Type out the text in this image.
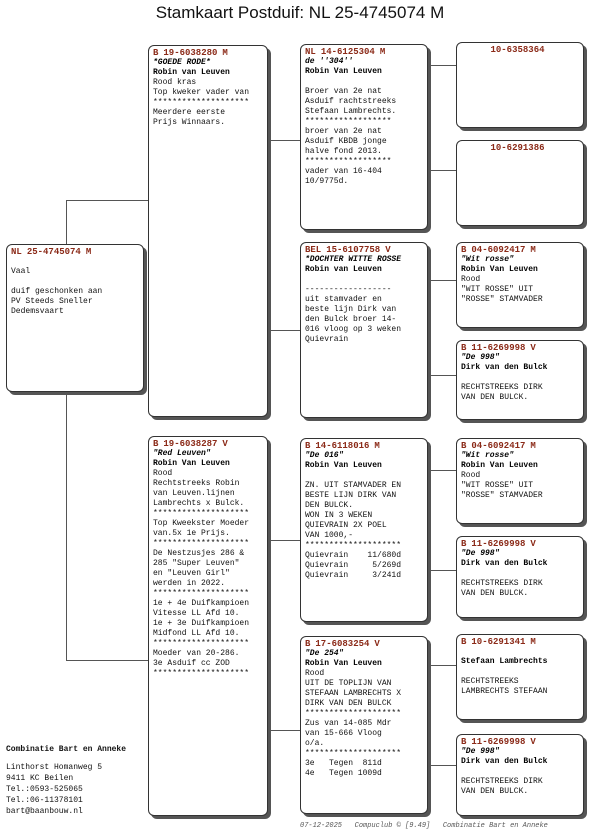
Stamkaart Postduif: NL 25-4745074 M
NL 25-4745074 M

Vaal

duif geschonken aan
PV Steeds Sneller
Dedemsvaart
B 19-6038280 M
*GOEDE RODE*
Robin van Leuven
Rood kras
Top kweker vader van
********************
Meerdere eerste
Prijs Winnaars.
B 19-6038287 V
"Red Leuven"
Robin Van Leuven
Rood
Rechtstreeks Robin
van Leuven.lijnen
Lambrechts x Bulck.
********************
Top Kweekster Moeder
van.5x 1e Prijs.
********************
De Nestzusjes 286 &
285 "Super Leuven"
en "Leuven Girl"
werden in 2022.
********************
1e + 4e Duifkampioen
Vitesse LL Afd 10.
1e + 3e Duifkampioen
Midfond LL Afd 10.
********************
Moeder van 20-286.
3e Asduif cc ZOD
********************
NL 14-6125304 M
de ''304''
Robin Van Leuven

Broer van 2e nat
Asduif rachtstreeks
Stefaan Lambrechts.
******************
broer van 2e nat
Asduif KBDB jonge
halve fond 2013.
******************
vader van 16-404
10/9775d.
BEL 15-6107758 V
*DOCHTER WITTE ROSSE
Robin van Leuven

------------------
uit stamvader en
beste lijn Dirk van
den Bulck broer 14-
016 vloog op 3 weken
Quievrain
B 14-6118016 M
"De 016"
Robin Van Leuven

ZN. UIT STAMVADER EN
BESTE LIJN DIRK VAN
DEN BULCK.
WON IN 3 WEKEN
QUIEVRAIN 2X POEL
VAN 1000,-
********************
Quievrain    11/680d
Quievrain     5/269d
Quievrain     3/241d
B 17-6083254 V
"De 254"
Robin Van Leuven
Rood
UIT DE TOPLIJN VAN
STEFAAN LAMBRECHTS X
DIRK VAN DEN BULCK
********************
Zus van 14-085 Mdr
van 15-666 Vloog
o/a.
********************
3e   Tegen  811d
4e   Tegen 1009d
10-6358364
10-6291386
B 04-6092417 M
"Wit rosse"
Robin Van Leuven
Rood
"WIT ROSSE" UIT
"ROSSE" STAMVADER
B 11-6269998 V
"De 998"
Dirk van den Bulck

RECHTSTREEKS DIRK
VAN DEN BULCK.
B 04-6092417 M
"Wit rosse"
Robin Van Leuven
Rood
"WIT ROSSE" UIT
"ROSSE" STAMVADER
B 11-6269998 V
"De 998"
Dirk van den Bulck

RECHTSTREEKS DIRK
VAN DEN BULCK.
B 10-6291341 M
Stefaan Lambrechts

RECHTSTREEKS
LAMBRECHTS STEFAAN
B 11-6269998 V
"De 998"
Dirk van den Bulck

RECHTSTREEKS DIRK
VAN DEN BULCK.
Combinatie Bart en Anneke
Linthorst Homanweg 5
9411 KC Beilen
Tel.:0593-525065
Tel.:06-11378101
bart@baanbouw.nl
07-12-2025 Compuclub © [9.49] Combinatie Bart en Anneke
